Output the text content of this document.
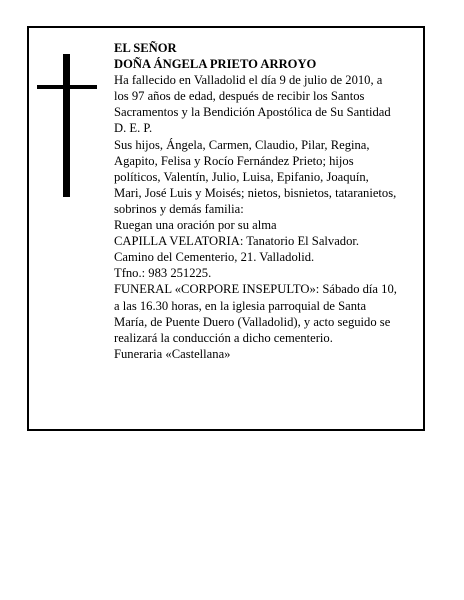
EL SEÑOR
DOÑA ÁNGELA PRIETO ARROYO
Ha fallecido en Valladolid el día 9 de julio de 2010, a
los 97 años de edad, después de recibir los Santos
Sacramentos y la Bendición Apostólica de Su Santidad
D. E. P.
Sus hijos, Ángela, Carmen, Claudio, Pilar, Regina,
Agapito, Felisa y Rocío Fernández Prieto; hijos
políticos, Valentín, Julio, Luisa, Epifanio, Joaquín,
Mari, José Luis y Moisés; nietos, bisnietos, tataranietos,
sobrinos y demás familia:
Ruegan una oración por su alma
CAPILLA VELATORIA: Tanatorio El Salvador.
Camino del Cementerio, 21. Valladolid.
Tfno.: 983 251225.
FUNERAL «CORPORE INSEPULTO»: Sábado día 10,
a las 16.30 horas, en la iglesia parroquial de Santa
María, de Puente Duero (Valladolid), y acto seguido se
realizará la conducción a dicho cementerio.
Funeraria «Castellana»
